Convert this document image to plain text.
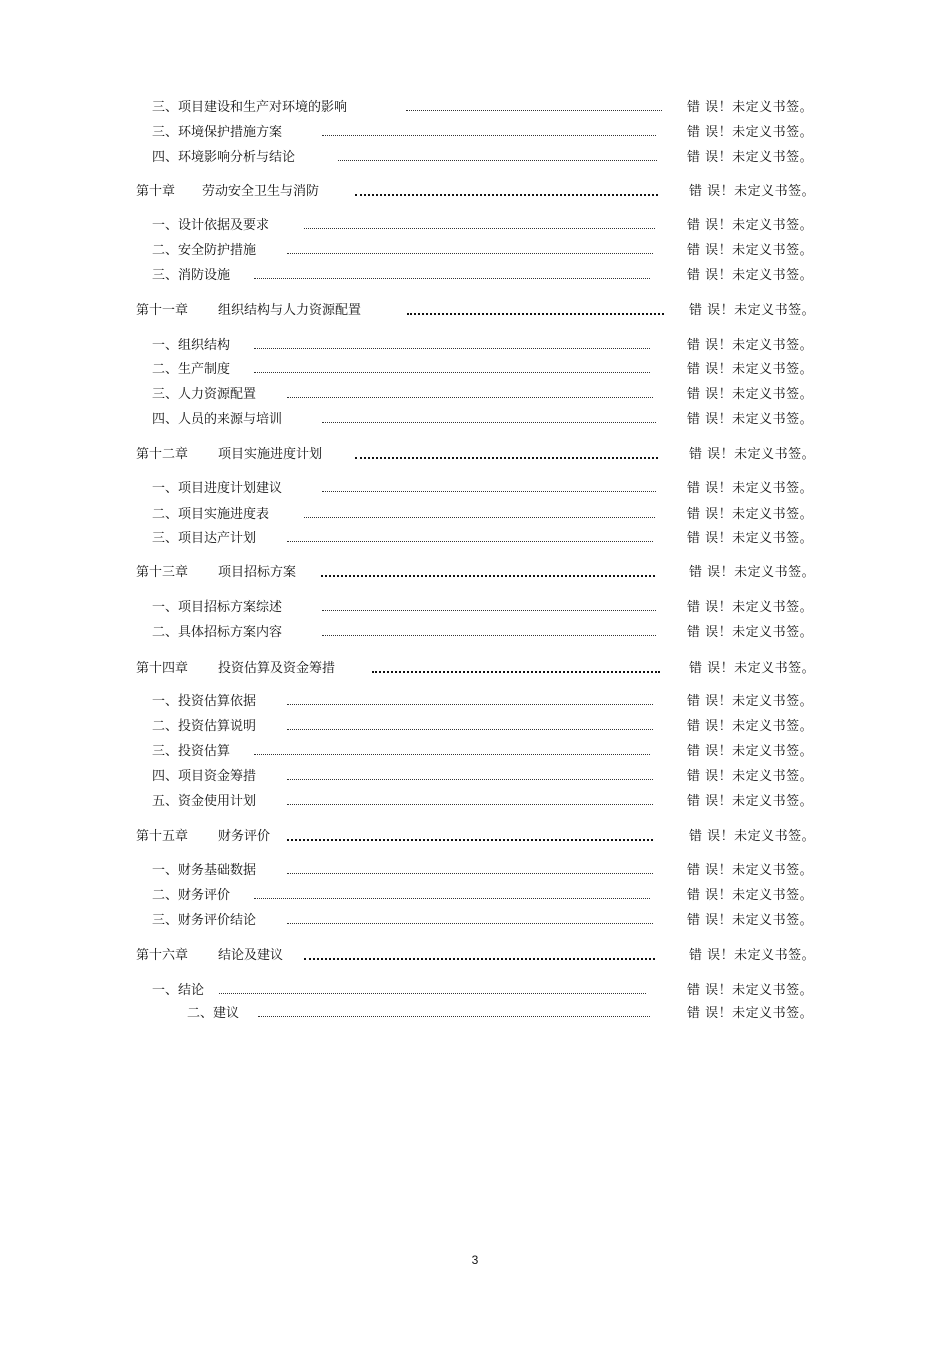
三、项目建设和生产对环境的影响	错 误！未定义书签。
三、环境保护措施方案	错 误！未定义书签。
四、环境影响分析与结论	错 误！未定义书签。
第十章 劳动安全卫生与消防	错 误！未定义书签。
一、设计依据及要求	错 误！未定义书签。
二、安全防护措施	错 误！未定义书签。
三、消防设施	错 误！未定义书签。
第十一章 组织结构与人力资源配置	错 误！未定义书签。
一、组织结构	错 误！未定义书签。
二、生产制度	错 误！未定义书签。
三、人力资源配置	错 误！未定义书签。
四、人员的来源与培训	错 误！未定义书签。
第十二章 项目实施进度计划	错 误！未定义书签。
一、项目进度计划建议	错 误！未定义书签。
二、项目实施进度表	错 误！未定义书签。
三、项目达产计划	错 误！未定义书签。
第十三章 项目招标方案	错 误！未定义书签。
一、项目招标方案综述	错 误！未定义书签。
二、具体招标方案内容	错 误！未定义书签。
第十四章 投资估算及资金筹措	错 误！未定义书签。
一、投资估算依据	错 误！未定义书签。
二、投资估算说明	错 误！未定义书签。
三、投资估算	错 误！未定义书签。
四、项目资金筹措	错 误！未定义书签。
五、资金使用计划	错 误！未定义书签。
第十五章 财务评价	错 误！未定义书签。
一、财务基础数据	错 误！未定义书签。
二、财务评价	错 误！未定义书签。
三、财务评价结论	错 误！未定义书签。
第十六章 结论及建议	错 误！未定义书签。
一、结论	错 误！未定义书签。
二、建议	错 误！未定义书签。
3
